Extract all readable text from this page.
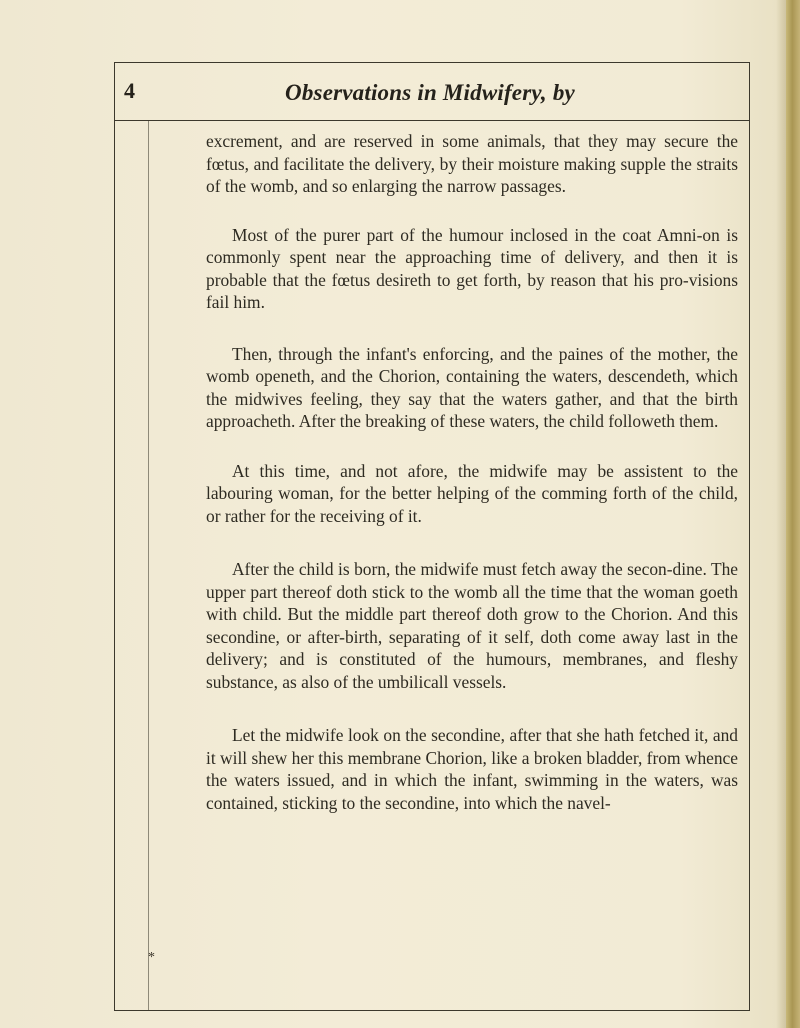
4	Observations in Midwifery, by

excrement, and are reserved in some animals, that they may secure the fœtus, and facilitate the delivery, by their moisture making supple the straits of the womb, and so enlarging the narrow passages.

Most of the purer part of the humour inclosed in the coat Amni-on is commonly spent near the approaching time of delivery, and then it is probable that the fœtus desireth to get forth, by reason that his pro-visions fail him.

Then, through the infant's enforcing, and the paines of the mother, the womb openeth, and the Chorion, containing the waters, descendeth, which the midwives feeling, they say that the waters gather, and that the birth approacheth. After the breaking of these waters, the child followeth them.

At this time, and not afore, the midwife may be assistent to the labouring woman, for the better helping of the comming forth of the child, or rather for the receiving of it.

After the child is born, the midwife must fetch away the secon-dine. The upper part thereof doth stick to the womb all the time that the woman goeth with child. But the middle part thereof doth grow to the Chorion. And this secondine, or after-birth, separating of it self, doth come away last in the delivery; and is constituted of the humours, membranes, and fleshy substance, as also of the umbilicall vessels.

Let the midwife look on the secondine, after that she hath fetched it, and it will shew her this membrane Chorion, like a broken bladder, from whence the waters issued, and in which the infant, swimming in the waters, was contained, sticking to the secondine, into which the navel-

*
